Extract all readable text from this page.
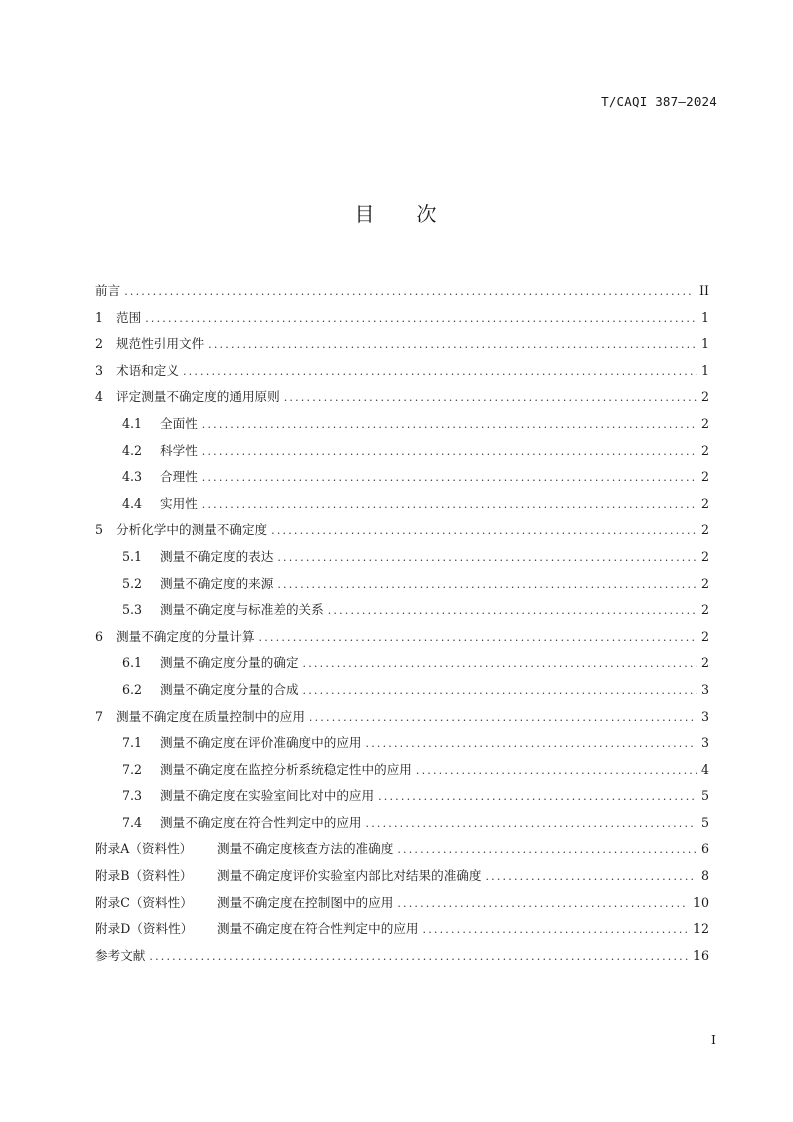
T/CAQI 387—2024
目 次
前言 .....	II
1	范围 .....	1
2	规范性引用文件 .....	1
3	术语和定义 .....	1
4	评定测量不确定度的通用原则 .....	2
4.1	全面性 .....	2
4.2	科学性 .....	2
4.3	合理性 .....	2
4.4	实用性 .....	2
5	分析化学中的测量不确定度 .....	2
5.1	测量不确定度的表达 .....	2
5.2	测量不确定度的来源 .....	2
5.3	测量不确定度与标准差的关系 .....	2
6	测量不确定度的分量计算 .....	2
6.1	测量不确定度分量的确定 .....	2
6.2	测量不确定度分量的合成 .....	3
7	测量不确定度在质量控制中的应用 .....	3
7.1	测量不确定度在评价准确度中的应用 .....	3
7.2	测量不确定度在监控分析系统稳定性中的应用 .....	4
7.3	测量不确定度在实验室间比对中的应用 .....	5
7.4	测量不确定度在符合性判定中的应用 .....	5
附录A（资料性）	测量不确定度核查方法的准确度 .....	6
附录B（资料性）	测量不确定度评价实验室内部比对结果的准确度 .....	8
附录C（资料性）	测量不确定度在控制图中的应用 .....	10
附录D（资料性）	测量不确定度在符合性判定中的应用 .....	12
参考文献 .....	16
I
